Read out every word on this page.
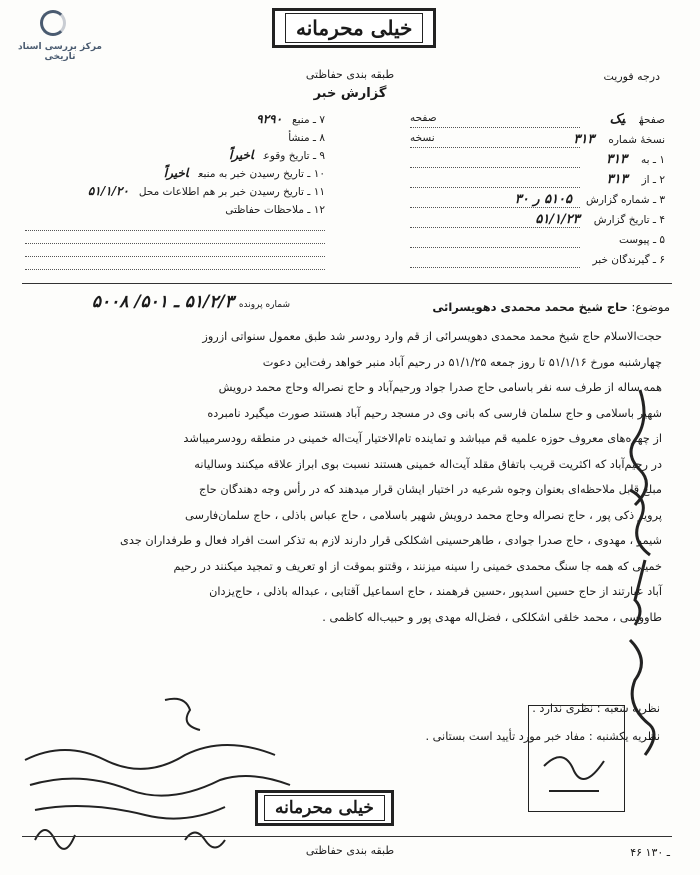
مرکز بررسی اسناد تاریخی
خیلی محرمانه
طبقه بندی حفاظتی
گزارش خبر
درجه فوریت
صفحهٔیک
صفحه
نسخهٔ شماره۳۱۳
نسخه
۱ ـ به۳۱۳
۲ ـ از۳۱۳
۳ ـ شماره گزارش۵۱۰۵ ر ۳۰
۴ ـ تاریخ گزارش۵۱/۱/۲۳
۵ ـ پیوست
۶ ـ گیرندگان خبر
۷ ـ منبع۹۲۹۰
۸ ـ منشأ
۹ ـ تاریخ وقوعاخیراً
۱۰ ـ تاریخ رسیدن خبر به منبعاخیراً
۱۱ ـ تاریخ رسیدن خبر بر هم اطلاعات محل۵۱/۱/۲۰
۱۲ ـ ملاحظات حفاظتی
موضوع: حاج شیخ محمد محمدی دهویسرائی
شماره پرونده ۵۱/۲/۳ ـ ۵۰۱/ ۵۰۰۸
حجت‌الاسلام حاج شیخ محمد محمدی دهویسرائی از قم وارد رودسر شد طبق معمول سنواتی ازروز
چهارشنبه مورخ ۵۱/۱/۱۶ تا روز جمعه ۵۱/۱/۲۵ در رحیم آباد منبر خواهد رفت‌این دعوت
همه ساله از طرف سه نفر باسامی حاج صدرا جواد ورحیم‌آباد و حاج نصراله وحاج محمد درویش
شهیر باسلامی و حاج سلمان فارسی که بانی وی در مسجد رحیم آباد هستند صورت میگیرد نامبرده
از چهره‌های معروف حوزه علمیه قم میباشد و تماینده تام‌الاختیار آیت‌اله خمینی در منطقه رودسرمیباشد
در رحیم‌آباد که اکثریت قریب باتفاق مقلد آیت‌اله خمینی هستند نسبت بوی ابراز علاقه میکنند وسالیانه
مبلغ قابل ملاحظه‌ای بعنوان وجوه شرعیه در اختیار ایشان قرار میدهند که در رأس وجه دهندگان حاج
پرویز ذکی پور ، حاج نصراله وحاج محمد درویش شهیر باسلامی ، حاج عباس باذلی ، حاج سلمان‌فارسی
شیمو ، مهدوی ، حاج صدرا جوادی ، طاهرحسینی اشکلکی قرار دارند لازم به تذکر است افراد فعال و طرفداران جدی
خمینی که همه جا سنگ محمدی خمینی را سینه میزنند ، وقتنو بموقت از او تعریف و تمجید میکنند در رحیم
آباد عبارتند از حاج حسین اسدپور ،حسین فرهمند ، حاج اسماعیل آقتابی ، عبداله باذلی ، حاج‌یزدان
طاووسی ، محمد خلقی اشکلکی ، فضل‌اله مهدی پور و حبیب‌اله کاظمی .
نظریه شعبه : نظری ندارد .
نظریه یکشنبه : مفاد خبر مورد تأیید است بستانی .
خیلی محرمانه
طبقه بندی حفاظتی	۴۶ ـ ۱۳۰
